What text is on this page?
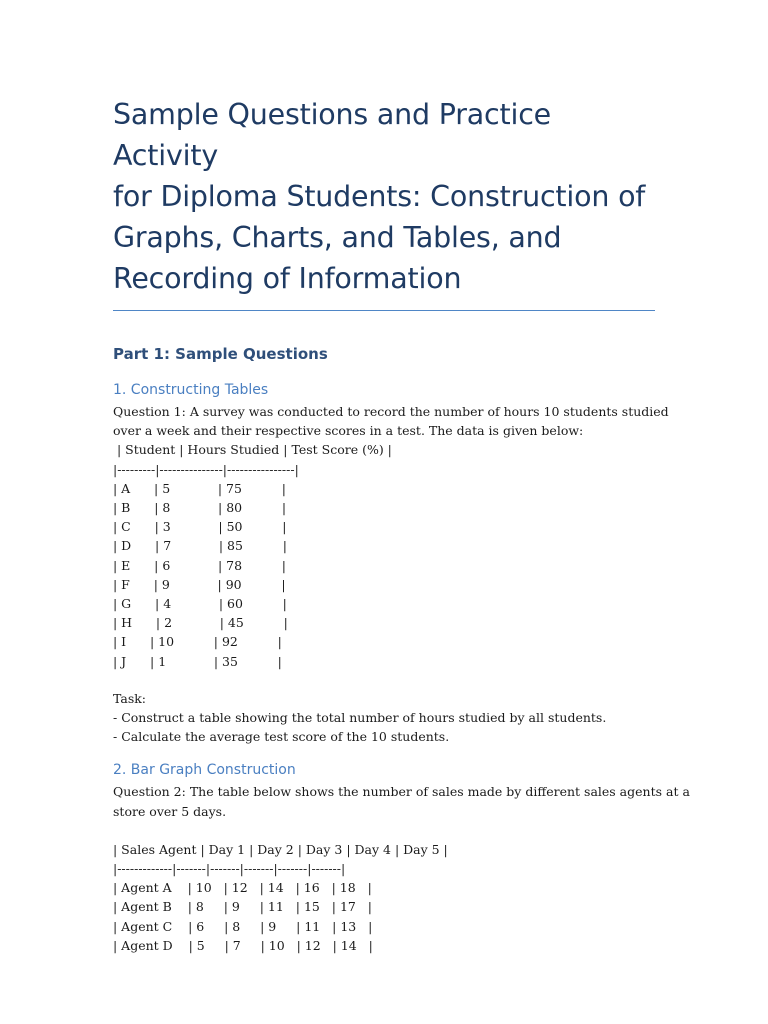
Sample Questions and Practice Activity
for Diploma Students: Construction of
Graphs, Charts, and Tables, and
Recording of Information
Part 1: Sample Questions
1. Constructing Tables
Question 1: A survey was conducted to record the number of hours 10 students studied
over a week and their respective scores in a test. The data is given below:
| Student | Hours Studied | Test Score (%) |
|---------|---------------|----------------|
| A      | 5            | 75          |
| B      | 8            | 80          |
| C      | 3            | 50          |
| D      | 7            | 85          |
| E      | 6            | 78          |
| F      | 9            | 90          |
| G      | 4            | 60          |
| H      | 2            | 45          |
| I      | 10          | 92          |
| J      | 1            | 35          |
Task:
- Construct a table showing the total number of hours studied by all students.
- Calculate the average test score of the 10 students.
2. Bar Graph Construction
Question 2: The table below shows the number of sales made by different sales agents at a
store over 5 days.
| Sales Agent | Day 1 | Day 2 | Day 3 | Day 4 | Day 5 |
|-------------|-------|-------|-------|-------|-------|
| Agent A    | 10   | 12   | 14   | 16   | 18   |
| Agent B    | 8     | 9     | 11   | 15   | 17   |
| Agent C    | 6     | 8     | 9     | 11   | 13   |
| Agent D    | 5     | 7     | 10   | 12   | 14   |
